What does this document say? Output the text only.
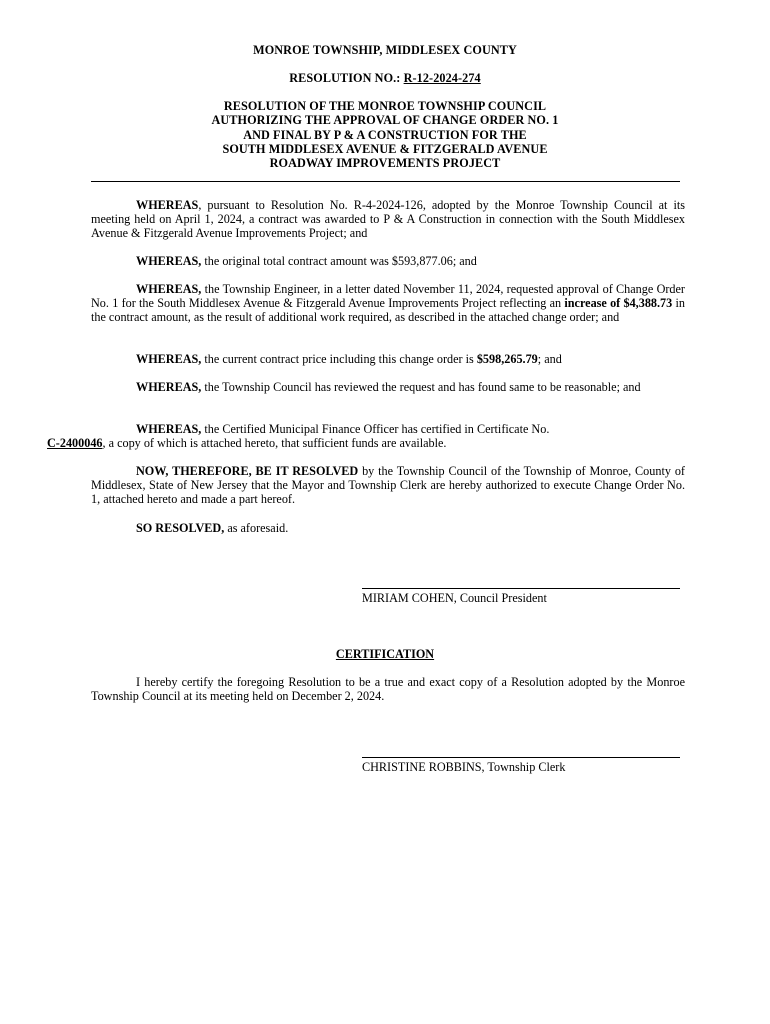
MONROE TOWNSHIP, MIDDLESEX COUNTY
RESOLUTION NO.: R-12-2024-274
RESOLUTION OF THE MONROE TOWNSHIP COUNCIL
AUTHORIZING THE APPROVAL OF CHANGE ORDER NO. 1
AND FINAL BY P & A CONSTRUCTION FOR THE
SOUTH MIDDLESEX AVENUE & FITZGERALD AVENUE
ROADWAY IMPROVEMENTS PROJECT
WHEREAS, pursuant to Resolution No. R-4-2024-126, adopted by the Monroe Township Council at its meeting held on April 1, 2024, a contract was awarded to P & A Construction in connection with the South Middlesex Avenue & Fitzgerald Avenue Improvements Project; and
WHEREAS, the original total contract amount was $593,877.06; and
WHEREAS, the Township Engineer, in a letter dated November 11, 2024, requested approval of Change Order No. 1 for the South Middlesex Avenue & Fitzgerald Avenue Improvements Project reflecting an increase of $4,388.73 in the contract amount, as the result of additional work required, as described in the attached change order; and
WHEREAS, the current contract price including this change order is $598,265.79; and
WHEREAS, the Township Council has reviewed the request and has found same to be reasonable; and
WHEREAS, the Certified Municipal Finance Officer has certified in Certificate No.
C-2400046, a copy of which is attached hereto, that sufficient funds are available.
NOW, THEREFORE, BE IT RESOLVED by the Township Council of the Township of Monroe, County of Middlesex, State of New Jersey that the Mayor and Township Clerk are hereby authorized to execute Change Order No. 1, attached hereto and made a part hereof.
SO RESOLVED, as aforesaid.
MIRIAM COHEN, Council President
CERTIFICATION
I hereby certify the foregoing Resolution to be a true and exact copy of a Resolution adopted by the Monroe Township Council at its meeting held on December 2, 2024.
CHRISTINE ROBBINS, Township Clerk
